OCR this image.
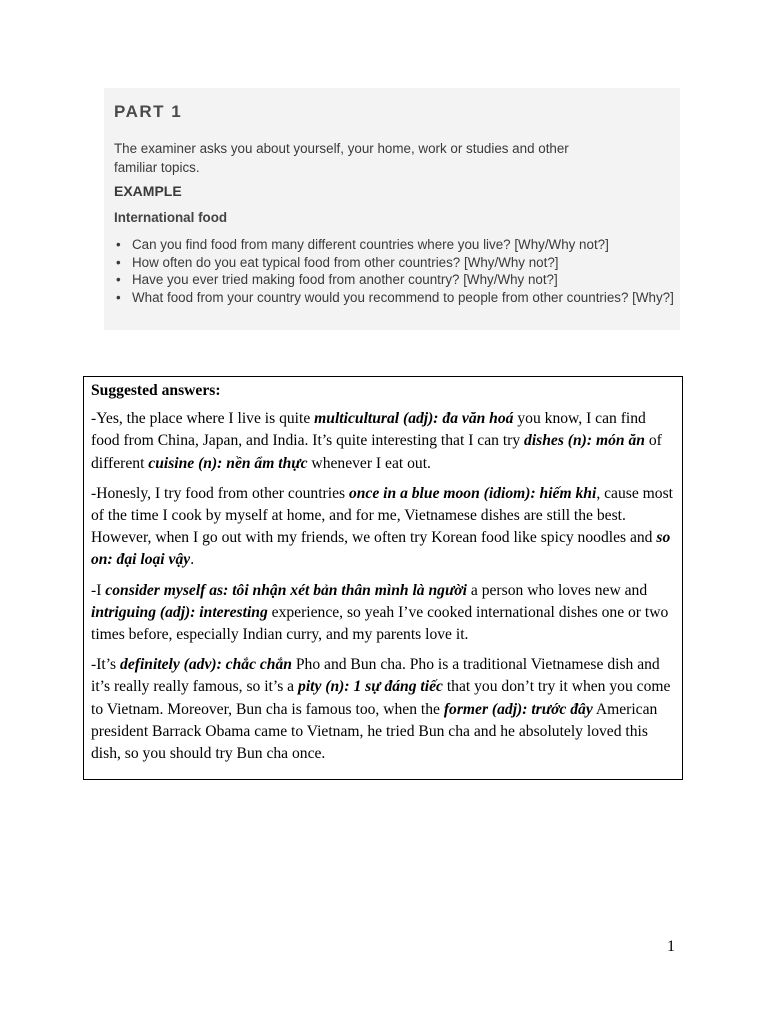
PART 1
The examiner asks you about yourself, your home, work or studies and other familiar topics.
EXAMPLE
International food
• Can you find food from many different countries where you live? [Why/Why not?]
• How often do you eat typical food from other countries? [Why/Why not?]
• Have you ever tried making food from another country? [Why/Why not?]
• What food from your country would you recommend to people from other countries? [Why?]

Suggested answers:

-Yes, the place where I live is quite multicultural (adj): đa văn hoá you know, I can find food from China, Japan, and India. It’s quite interesting that I can try dishes (n): món ăn of different cuisine (n): nền ẩm thực whenever I eat out.

-Honesly, I try food from other countries once in a blue moon (idiom): hiếm khi, cause most of the time I cook by myself at home, and for me, Vietnamese dishes are still the best. However, when I go out with my friends, we often try Korean food like spicy noodles and so on: đại loại vậy.

-I consider myself as: tôi nhận xét bản thân mình là người a person who loves new and intriguing (adj): interesting experience, so yeah I’ve cooked international dishes one or two times before, especially Indian curry, and my parents love it.

-It’s definitely (adv): chắc chắn Pho and Bun cha. Pho is a traditional Vietnamese dish and it’s really really famous, so it’s a pity (n): 1 sự đáng tiếc that you don’t try it when you come to Vietnam. Moreover, Bun cha is famous too, when the former (adj): trước đây American president Barrack Obama came to Vietnam, he tried Bun cha and he absolutely loved this dish, so you should try Bun cha once.

1
